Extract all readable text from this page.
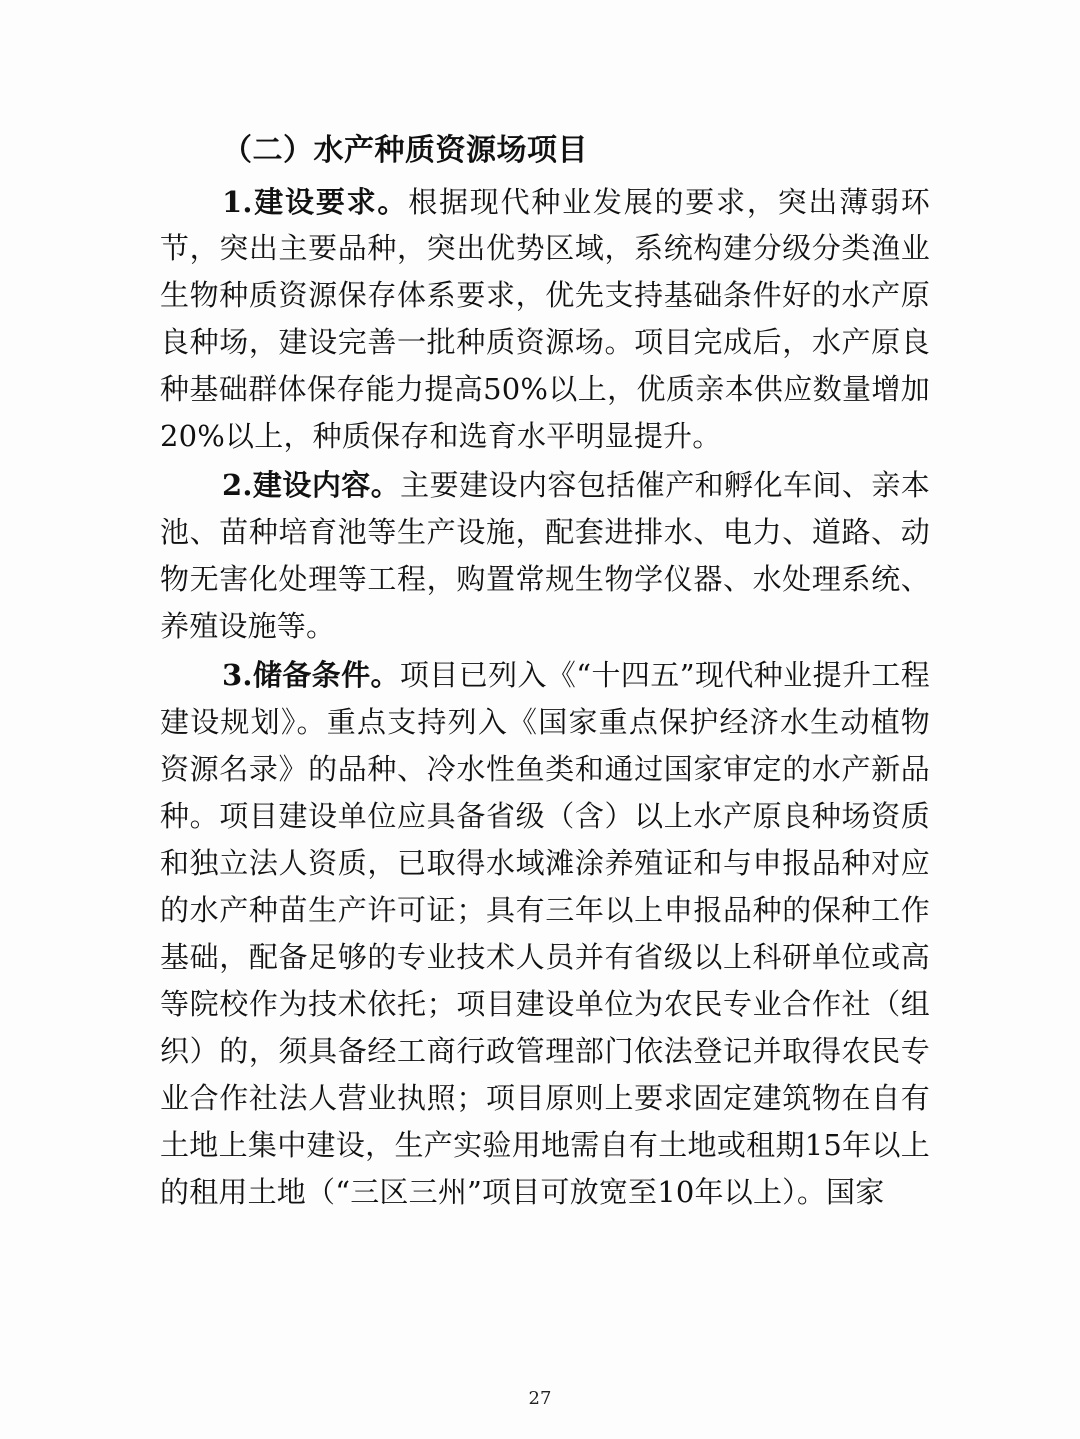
（二）水产种质资源场项目

1.建设要求。根据现代种业发展的要求，突出薄弱环节，突出主要品种，突出优势区域，系统构建分级分类渔业生物种质资源保存体系要求，优先支持基础条件好的水产原良种场，建设完善一批种质资源场。项目完成后，水产原良种基础群体保存能力提高50%以上，优质亲本供应数量增加20%以上，种质保存和选育水平明显提升。

2.建设内容。主要建设内容包括催产和孵化车间、亲本池、苗种培育池等生产设施，配套进排水、电力、道路、动物无害化处理等工程，购置常规生物学仪器、水处理系统、养殖设施等。

3.储备条件。项目已列入《“十四五”现代种业提升工程建设规划》。重点支持列入《国家重点保护经济水生动植物资源名录》的品种、冷水性鱼类和通过国家审定的水产新品种。项目建设单位应具备省级（含）以上水产原良种场资质和独立法人资质，已取得水域滩涂养殖证和与申报品种对应的水产种苗生产许可证；具有三年以上申报品种的保种工作基础，配备足够的专业技术人员并有省级以上科研单位或高等院校作为技术依托；项目建设单位为农民专业合作社（组织）的，须具备经工商行政管理部门依法登记并取得农民专业合作社法人营业执照；项目原则上要求固定建筑物在自有土地上集中建设，生产实验用地需自有土地或租期15年以上的租用土地（“三区三州”项目可放宽至10年以上）。国家

27
